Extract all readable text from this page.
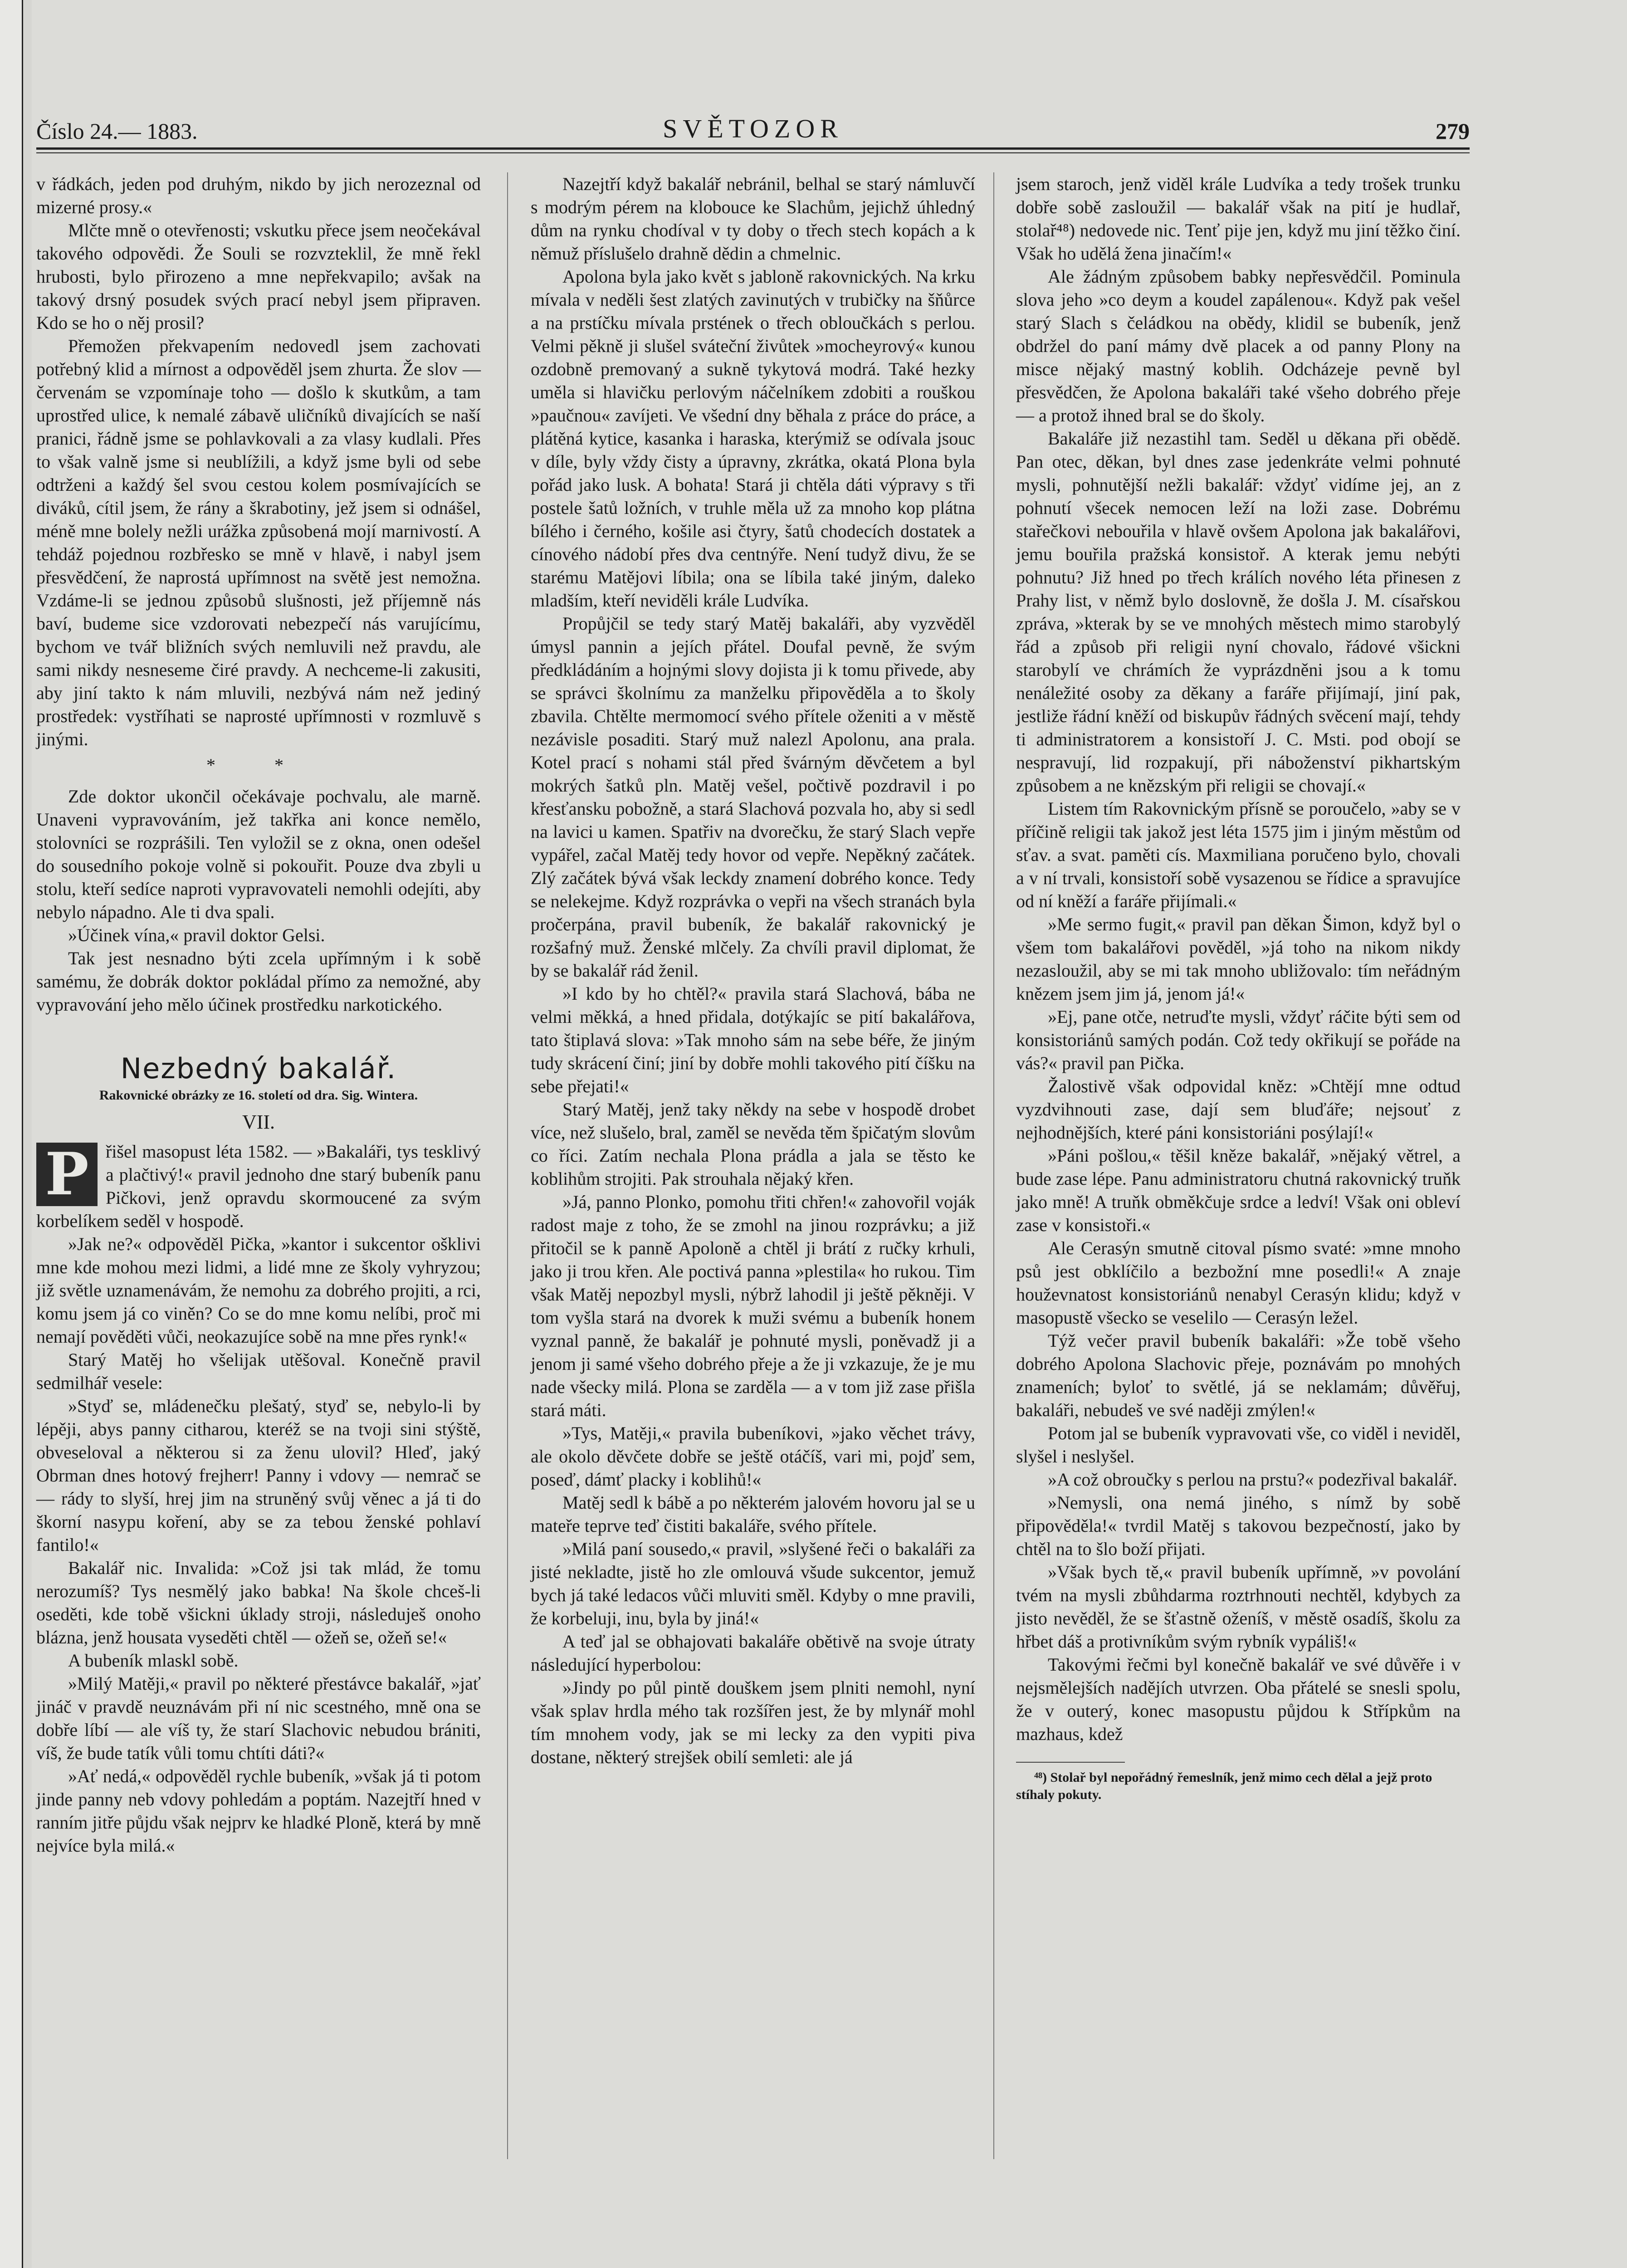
Číslo 24.— 1883.	SVĚTOZOR	279

v řádkách, jeden pod druhým, nikdo by jich nerozeznal od mizerné prosy.«

Mlčte mně o otevřenosti; vskutku přece jsem neočekával takového odpovědi. Že Souli se rozvzteklil, že mně řekl hrubosti, bylo přirozeno a mne nepřekvapilo; avšak na takový drsný posudek svých prací nebyl jsem připraven. Kdo se ho o něj prosil?

Přemožen překvapením nedovedl jsem zachovati potřebný klid a mírnost a odpověděl jsem zhurta. Že slov — červenám se vzpomínaje toho — došlo k skutkům, a tam uprostřed ulice, k nemalé zábavě uličníků divajících se naší pranici, řádně jsme se pohlavkovali a za vlasy kudlali. Přes to však valně jsme si neublížili, a když jsme byli od sebe odtrženi a každý šel svou cestou kolem posmívajících se diváků, cítil jsem, že rány a škrabotiny, jež jsem si odnášel, méně mne bolely nežli urážka způsobená mojí marnivostí. A tehdáž pojednou rozbřesko se mně v hlavě, i nabyl jsem přesvědčení, že naprostá upřímnost na světě jest nemožna. Vzdáme-li se jednou způsobů slušnosti, jež příjemně nás baví, budeme sice vzdorovati nebezpečí nás varujícímu, bychom ve tvář bližních svých nemluvili než pravdu, ale sami nikdy nesneseme čiré pravdy. A nechceme-li zakusiti, aby jiní takto k nám mluvili, nezbývá nám než jediný prostředek: vystříhati se naprosté upřímnosti v rozmluvě s jinými.

* *

Zde doktor ukončil očekávaje pochvalu, ale marně. Unaveni vypravováním, jež takřka ani konce nemělo, stolovníci se rozprášili. Ten vyložil se z okna, onen odešel do sousedního pokoje volně si pokouřit. Pouze dva zbyli u stolu, kteří sedíce naproti vypravovateli nemohli odejíti, aby nebylo nápadno. Ale ti dva spali.

»Účinek vína,« pravil doktor Gelsi.

Tak jest nesnadno býti zcela upřímným i k sobě samému, že dobrák doktor pokládal přímo za nemožné, aby vypravování jeho mělo účinek prostředku narkotického.

Nezbedný bakalář.
Rakovnické obrázky ze 16. století od dra. Sig. Wintera.
VII.

P řišel masopust léta 1582. — »Bakaláři, tys tesklivý a plačtivý!« pravil jednoho dne starý bubeník panu Pičkovi, jenž opravdu skormoucené za svým korbelíkem seděl v hospodě.

»Jak ne?« odpověděl Pička, »kantor i sukcentor ošklivi mne kde mohou mezi lidmi, a lidé mne ze školy vyhryzou; již světle uznamenávám, že nemohu za dobrého projiti, a rci, komu jsem já co viněn? Co se do mne komu nelíbi, proč mi nemají pověděti vůči, neokazujíce sobě na mne přes rynk!«

Starý Matěj ho všelijak utěšoval. Konečně pravil sedmilhář vesele:

»Styď se, mládenečku plešatý, styď se, nebylo-li by lépěji, abys panny citharou, kteréž se na tvoji sini stýště, obveseloval a některou si za ženu ulovil? Hleď, jaký Obrman dnes hotový frejherr! Panny i vdovy — nemrač se — rády to slyší, hrej jim na struněný svůj věnec a já ti do škorní nasypu koření, aby se za tebou ženské pohlaví fantilo!«

Bakalář nic. Invalida: »Což jsi tak mlád, že tomu nerozumíš? Tys nesmělý jako babka! Na škole chceš-li oseděti, kde tobě všickni úklady stroji, následuješ onoho blázna, jenž housata vyseděti chtěl — ožeň se, ožeň se!«

A bubeník mlaskl sobě.

»Milý Matěji,« pravil po některé přestávce bakalář, »jať jináč v pravdě neuznávám při ní nic scestného, mně ona se dobře líbí — ale víš ty, že starí Slachovic nebudou brániti, víš, že bude tatík vůli tomu chtíti dáti?«

»Ať nedá,« odpověděl rychle bubeník, »však já ti potom jinde panny neb vdovy pohledám a poptám. Nazejtří hned v ranním jitře půjdu však nejprv ke hladké Ploně, která by mně nejvíce byla milá.«

Nazejtří když bakalář nebránil, belhal se starý námluvčí s modrým pérem na klobouce ke Slachům, jejichž úhledný dům na rynku chodíval v ty doby o třech stech kopách a k němuž příslušelo drahně dědin a chmelnic.

Apolona byla jako květ s jabloně rakovnických. Na krku mívala v neděli šest zlatých zavinutých v trubičky na šňůrce a na prstíčku mívala prstének o třech obloučkách s perlou. Velmi pěkně ji slušel sváteční živůtek »mocheyrový« kunou ozdobně premovaný a sukně tykytová modrá. Také hezky uměla si hlavičku perlovým náčelníkem zdobiti a rouškou »paučnou« zavíjeti. Ve všední dny běhala z práce do práce, a plátěná kytice, kasanka i haraska, kterýmiž se odívala jsouc v díle, byly vždy čisty a úpravny, zkrátka, okatá Plona byla pořád jako lusk. A bohata! Stará ji chtěla dáti výpravy s tři postele šatů ložních, v truhle měla už za mnoho kop plátna bílého i černého, košile asi čtyry, šatů chodecích dostatek a cínového nádobí přes dva centnýře. Není tudyž divu, že se starému Matějovi líbila; ona se líbila také jiným, daleko mladším, kteří neviděli krále Ludvíka.

Propůjčil se tedy starý Matěj bakaláři, aby vyzvěděl úmysl pannin a jejích přátel. Doufal pevně, že svým předkládáním a hojnými slovy dojista ji k tomu přivede, aby se správci školnímu za manželku připověděla a to školy zbavila. Chtělte mermomocí svého přítele oženiti a v městě nezávisle posaditi. Starý muž nalezl Apolonu, ana prala. Kotel prací s nohami stál před švárným děvčetem a byl mokrých šatků pln. Matěj vešel, počtivě pozdravil i po křesťansku pobožně, a stará Slachová pozvala ho, aby si sedl na lavici u kamen. Spatřiv na dvorečku, že starý Slach vepře vypářel, začal Matěj tedy hovor od vepře. Nepěkný začátek. Zlý začátek bývá však leckdy znamení dobrého konce. Tedy se nelekejme. Když rozprávka o vepři na všech stranách byla pročerpána, pravil bubeník, že bakalář rakovnický je rozšafný muž. Ženské mlčely. Za chvíli pravil diplomat, že by se bakalář rád ženil.

»I kdo by ho chtěl?« pravila stará Slachová, bába ne velmi měkká, a hned přidala, dotýkajíc se pití bakalářova, tato štiplavá slova: »Tak mnoho sám na sebe béře, že jiným tudy skrácení činí; jiní by dobře mohli takového pití číšku na sebe přejati!«

Starý Matěj, jenž taky někdy na sebe v hospodě drobet více, než slušelo, bral, zaměl se nevěda těm špičatým slovům co říci. Zatím nechala Plona prádla a jala se těsto ke koblihům strojiti. Pak strouhala nějaký křen.

»Já, panno Plonko, pomohu třiti chřen!« zahovořil voják radost maje z toho, že se zmohl na jinou rozprávku; a již přitočil se k panně Apoloně a chtěl ji brátí z ručky krhuli, jako ji trou křen. Ale poctivá panna »plestila« ho rukou. Tim však Matěj nepozbyl mysli, nýbrž lahodil ji ještě pěkněji. V tom vyšla stará na dvorek k muži svému a bubeník honem vyznal panně, že bakalář je pohnuté mysli, poněvadž ji a jenom ji samé všeho dobrého přeje a že ji vzkazuje, že je mu nade všecky milá. Plona se zarděla — a v tom již zase přišla stará máti.

»Tys, Matěji,« pravila bubeníkovi, »jako věchet trávy, ale okolo děvčete dobře se ještě otáčíš, vari mi, pojď sem, poseď, dámť placky i koblihů!«

Matěj sedl k bábě a po některém jalovém hovoru jal se u mateře teprve teď čistiti bakaláře, svého přítele.

»Milá paní sousedo,« pravil, »slyšené řeči o bakaláři za jisté nekladte, jistě ho zle omlouvá všude sukcentor, jemuž bych já také ledacos vůči mluviti směl. Kdyby o mne pravili, že korbeluji, inu, byla by jiná!«

A teď jal se obhajovati bakaláře obětivě na svoje útraty následující hyperbolou:

»Jindy po půl pintě douškem jsem plniti nemohl, nyní však splav hrdla mého tak rozšířen jest, že by mlynář mohl tím mnohem vody, jak se mi lecky za den vypiti piva dostane, některý strejšek obilí semleti: ale já

jsem staroch, jenž viděl krále Ludvíka a tedy trošek trunku dobře sobě zasloužil — bakalář však na pití je hudlař, stolař⁴⁸) nedovede nic. Tenť pije jen, když mu jiní těžko činí. Však ho udělá žena jinačím!«

Ale žádným způsobem babky nepřesvědčil. Pominula slova jeho »co deym a koudel zapálenou«. Když pak vešel starý Slach s čeládkou na obědy, klidil se bubeník, jenž obdržel do paní mámy dvě placek a od panny Plony na misce nějaký mastný koblih. Odcházeje pevně byl přesvědčen, že Apolona bakaláři také všeho dobrého přeje — a protož ihned bral se do školy.

Bakaláře již nezastihl tam. Seděl u děkana při obědě. Pan otec, děkan, byl dnes zase jedenkráte velmi pohnuté mysli, pohnutější nežli bakalář: vždyť vidíme jej, an z pohnutí všecek nemocen leží na loži zase. Dobrému stařečkovi nebouřila v hlavě ovšem Apolona jak bakalářovi, jemu bouřila pražská konsistoř. A kterak jemu nebýti pohnutu? Již hned po třech králích nového léta přinesen z Prahy list, v němž bylo doslovně, že došla J. M. císařskou zpráva, »kterak by se ve mnohých městech mimo starobylý řád a způsob při religii nyní chovalo, řádové všickni starobylí ve chrámích že vyprázdněni jsou a k tomu nenáležité osoby za děkany a faráře přijímají, jiní pak, jestliže řádní kněží od biskupův řádných svěcení mají, tehdy ti administratorem a konsistoří J. C. Msti. pod obojí se nespravují, lid rozpakují, při náboženství pikhartským způsobem a ne knězským při religii se chovají.«

Listem tím Rakovnickým přísně se poroučelo, »aby se v příčině religii tak jakož jest léta 1575 jim i jiným městům od sťav. a svat. paměti cís. Maxmiliana poručeno bylo, chovali a v ní trvali, konsistoří sobě vysazenou se řídice a spravujíce od ní kněží a faráře přijímali.«

»Me sermo fugit,« pravil pan děkan Šimon, když byl o všem tom bakalářovi pověděl, »já toho na nikom nikdy nezasloužil, aby se mi tak mnoho ubližovalo: tím neřádným knězem jsem jim já, jenom já!«

»Ej, pane otče, netruďte mysli, vždyť ráčite býti sem od konsistoriánů samých podán. Což tedy okřikují se pořáde na vás?« pravil pan Pička.

Žalostivě však odpovidal kněz: »Chtějí mne odtud vyzdvihnouti zase, dají sem bluďáře; nejsouť z nejhodnějších, které páni konsistoriáni posýlají!«

»Páni pošlou,« těšil kněze bakalář, »nějaký větrel, a bude zase lépe. Panu administratoru chutná rakovnický truňk jako mně! A truňk obměkčuje srdce a ledví! Však oni obleví zase v konsistoři.«

Ale Cerasýn smutně citoval písmo svaté: »mne mnoho psů jest obklíčilo a bezbožní mne posedli!« A znaje houževnatost konsistoriánů nenabyl Cerasýn klidu; když v masopustě všecko se veselilo — Cerasýn ležel.

Týž večer pravil bubeník bakaláři: »Že tobě všeho dobrého Apolona Slachovic přeje, poznávám po mnohých znameních; byloť to světlé, já se neklamám; důvěřuj, bakaláři, nebudeš ve své naději zmýlen!«

Potom jal se bubeník vypravovati vše, co viděl i neviděl, slyšel i neslyšel.

»A což obroučky s perlou na prstu?« podezřival bakalář.

»Nemysli, ona nemá jiného, s nímž by sobě připověděla!« tvrdil Matěj s takovou bezpečností, jako by chtěl na to šlo boží přijati.

»Však bych tě,« pravil bubeník upřímně, »v povolání tvém na mysli zbůhdarma roztrhnouti nechtěl, kdybych za jisto nevěděl, že se šťastně oženíš, v městě osadíš, školu za hřbet dáš a protivníkům svým rybník vypáliš!«

Takovými řečmi byl konečně bakalář ve své důvěře i v nejsmělejších nadějích utvrzen. Oba přátelé se snesli spolu, že v outerý, konec masopustu půjdou k Střípkům na mazhaus, kdež

⁴⁸) Stolař byl nepořádný řemeslník, jenž mimo cech dělal a jejž proto stíhaly pokuty.
